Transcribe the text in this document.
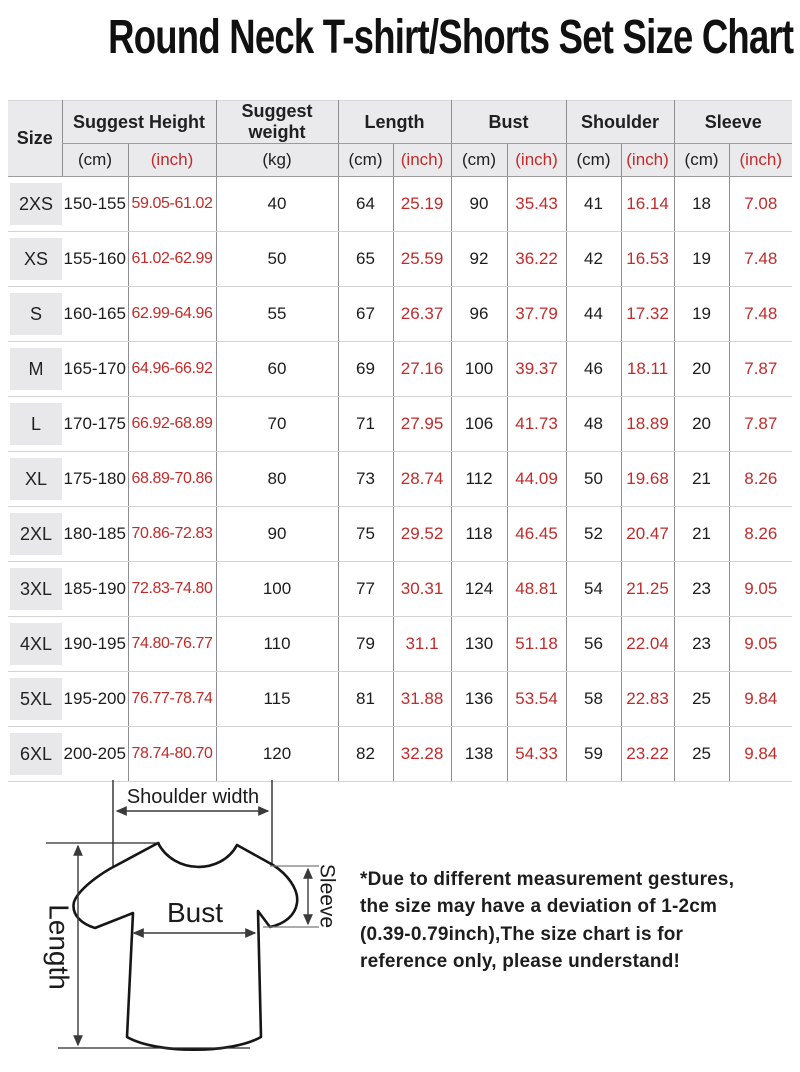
Round Neck T-shirt/Shorts Set Size Chart
Size	Suggest Height		Suggest weight	Length		Bust		Shoulder		Sleeve	
	(cm)	(inch)	(kg)	(cm)	(inch)	(cm)	(inch)	(cm)	(inch)	(cm)	(inch)

2XS	150-155	59.05-61.02	40	64	25.19	90	35.43	41	16.14	18	7.08

XS	155-160	61.02-62.99	50	65	25.59	92	36.22	42	16.53	19	7.48

S	160-165	62.99-64.96	55	67	26.37	96	37.79	44	17.32	19	7.48

M	165-170	64.96-66.92	60	69	27.16	100	39.37	46	18.11	20	7.87

L	170-175	66.92-68.89	70	71	27.95	106	41.73	48	18.89	20	7.87

XL	175-180	68.89-70.86	80	73	28.74	112	44.09	50	19.68	21	8.26

2XL	180-185	70.86-72.83	90	75	29.52	118	46.45	52	20.47	21	8.26

3XL	185-190	72.83-74.80	100	77	30.31	124	48.81	54	21.25	23	9.05

4XL	190-195	74.80-76.77	110	79	31.1	130	51.18	56	22.04	23	9.05

5XL	195-200	76.77-78.74	115	81	31.88	136	53.54	58	22.83	25	9.84

6XL	200-205	78.74-80.70	120	82	32.28	138	54.33	59	23.22	25	9.84
Shoulder width
Length	Bust	Sleeve *Due to different measurement gestures,
the size may have a deviation of 1-2cm
(0.39-0.79inch),The size chart is for
reference only, please understand!
